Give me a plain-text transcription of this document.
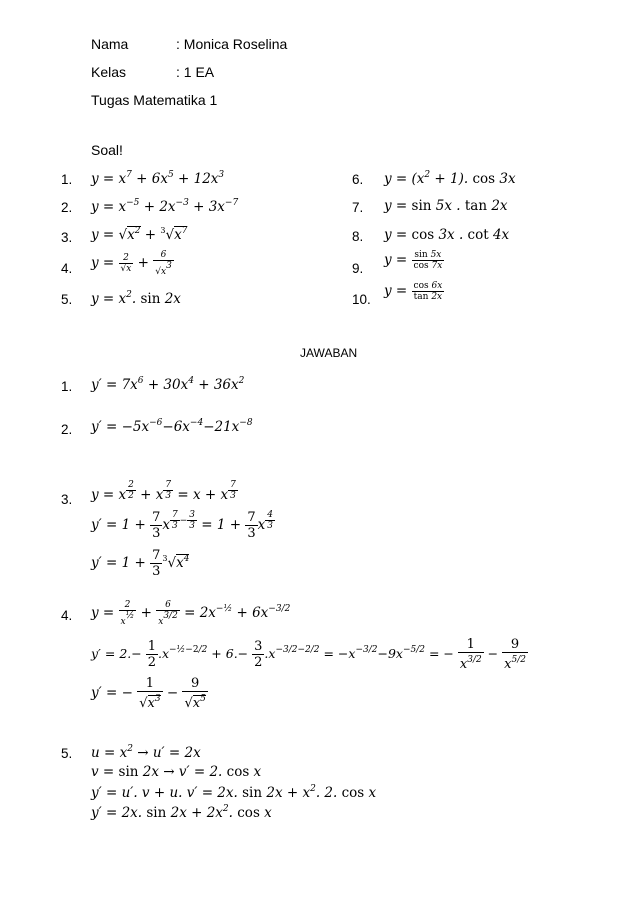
Nama	: Monica Roselina
Kelas	: 1 EA
Tugas Matematika 1
Soal!
1. $y = x^7 + 6x^5 + 12x^3$
2. $y = x^{-5} + 2x^{-3} + 3x^{-7}$
3. $y = √x^2 + ^3√x^7$
4. $y = \frac{2}{√x} + \frac{6}{√x^3}$
5. $y = x^2$. sin 2x
6. $y = (x^2 + 1)$. cos 3x
7. y = sin 5x . tan 2x
8. y = cos 3x . cot 4x
9.
$y = \frac{\sin 5x}{\cos 7x}$
10.
$y = \frac{\cos 6x}{\tan 2x}$
JAWABAN
1. $y' = 7x^6 + 30x^4 + 36x^2$
2. $y' = -5x^{-6}-6x^{-4}-21x^{-8}$
3. y = x $^{\frac{2}{2}}$ + x $^{\frac{7}{3}}$ = x + x $^{\frac{7}{3}}$
$y' = 1 + \frac{7}{3}$ x $^{\frac{7}{3} - \frac{3}{3}} = 1 + \frac{7}{3}$ x $^{\frac{4}{3}}$
$y' = 1 + \frac{7}{3} ^3√x^4$
4. $y = \frac{2}{x^{\frac{1}{2}}} + \frac{6}{x^{3/2}} = 2x^{-\frac{1}{2}} + 6x^{-3/2}$
$y' = 2.- \frac{1}{2} .x^{-\frac{1}{2}-2/2} + 6.- \frac{3}{2} .x^{-3/2-2/2} = -x^{-3/2}-9x^{-5/2}$ = − $\frac{1}{x^{3/2}} - \frac{9}{x^{5/2}}$
y′ = − $\frac{1}{√x^3} - \frac{9}{√x^5}$
5. $u = x^2 \to u' = 2x$
v = sin 2x → v′ = 2. cos x
y′ = u′. v + u. v′ = 2x. $\sin 2x + x^2$. 2. cos x
y′ = 2x. $\sin 2x + 2x^2$. cos x
